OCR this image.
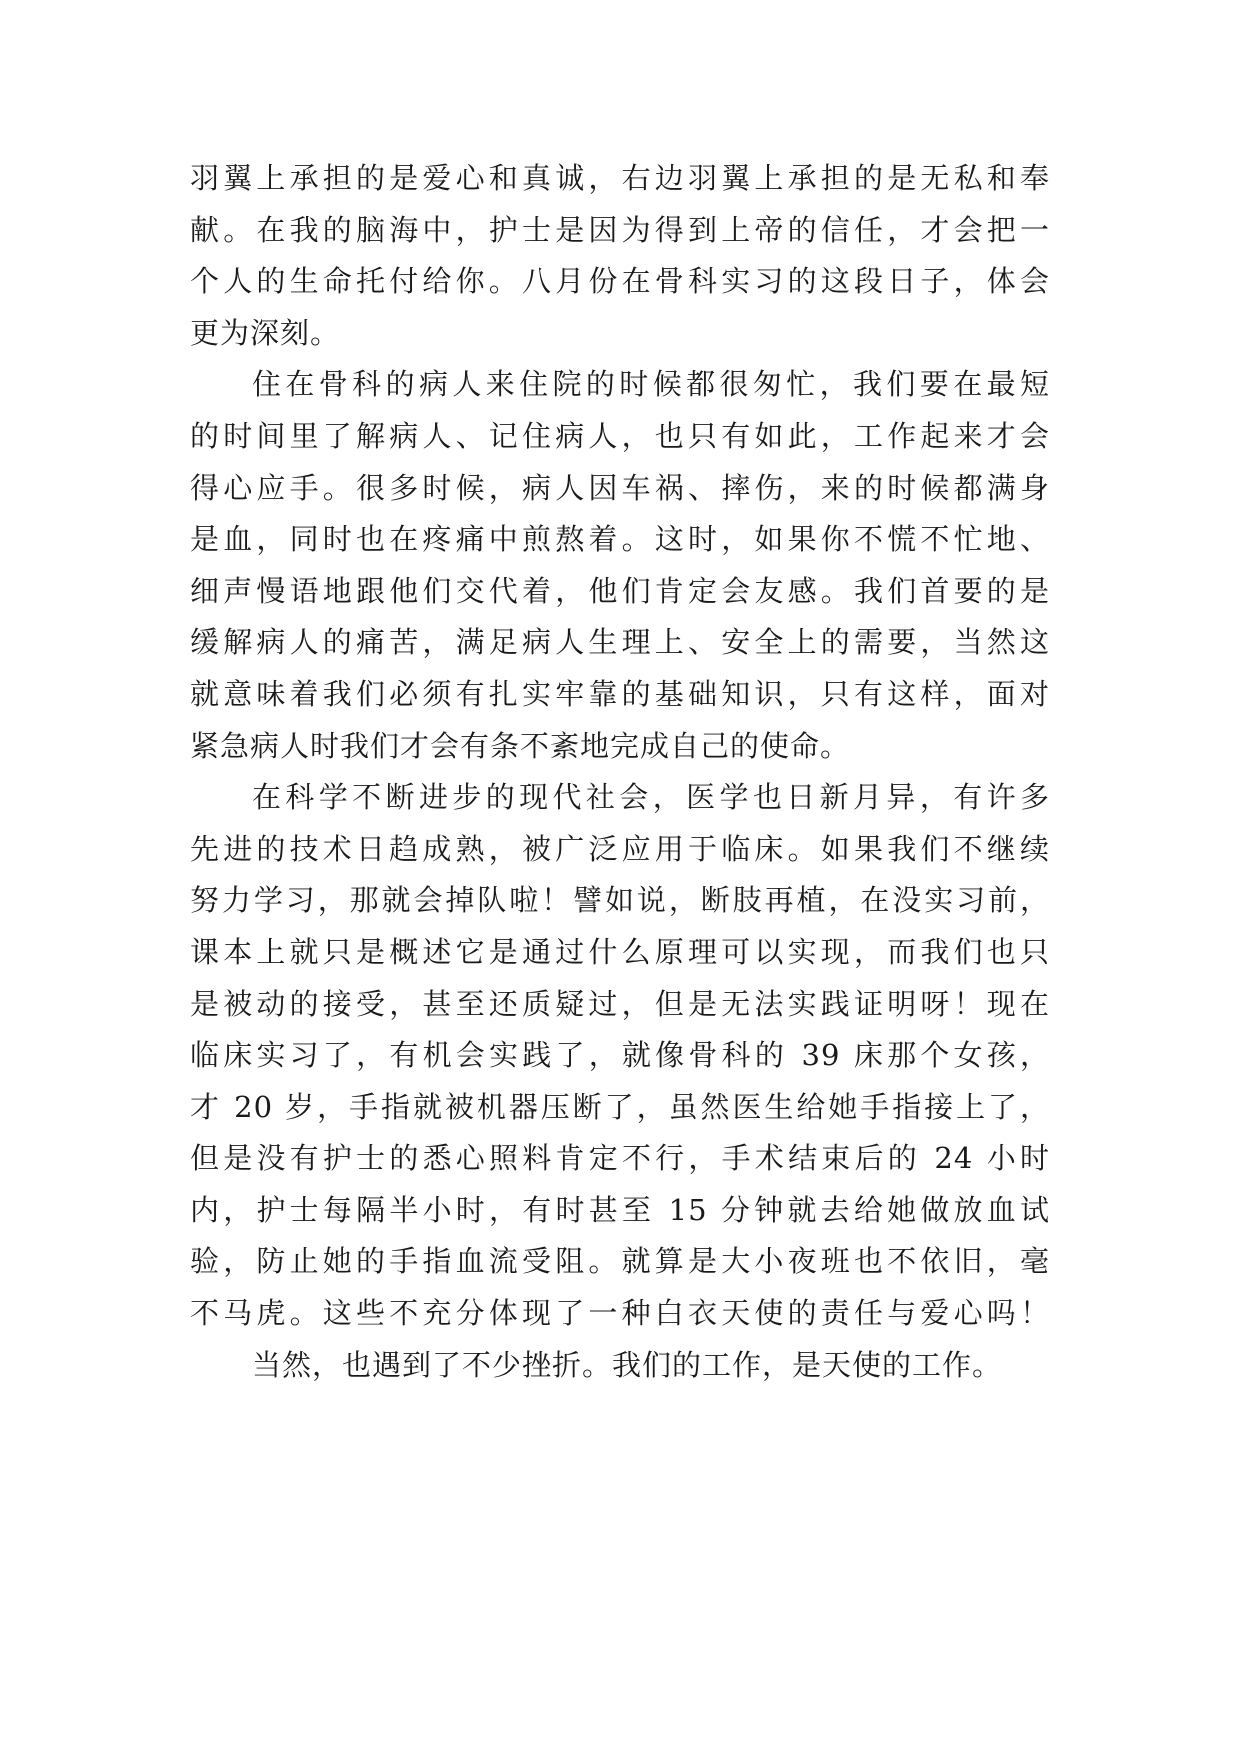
羽翼上承担的是爱心和真诚，右边羽翼上承担的是无私和奉
献。在我的脑海中，护士是因为得到上帝的信任，才会把一
个人的生命托付给你。八月份在骨科实习的这段日子，体会
更为深刻。
住在骨科的病人来住院的时候都很匆忙，我们要在最短
的时间里了解病人、记住病人，也只有如此，工作起来才会
得心应手。很多时候，病人因车祸、摔伤，来的时候都满身
是血，同时也在疼痛中煎熬着。这时，如果你不慌不忙地、
细声慢语地跟他们交代着，他们肯定会友感。我们首要的是
缓解病人的痛苦，满足病人生理上、安全上的需要，当然这
就意味着我们必须有扎实牢靠的基础知识，只有这样，面对
紧急病人时我们才会有条不紊地完成自己的使命。
在科学不断进步的现代社会，医学也日新月异，有许多
先进的技术日趋成熟，被广泛应用于临床。如果我们不继续
努力学习，那就会掉队啦！譬如说，断肢再植，在没实习前，
课本上就只是概述它是通过什么原理可以实现，而我们也只
是被动的接受，甚至还质疑过，但是无法实践证明呀！现在
临床实习了，有机会实践了，就像骨科的 39 床那个女孩，
才 20 岁，手指就被机器压断了，虽然医生给她手指接上了，
但是没有护士的悉心照料肯定不行，手术结束后的 24 小时
内，护士每隔半小时，有时甚至 15 分钟就去给她做放血试
验，防止她的手指血流受阻。就算是大小夜班也不依旧，毫
不马虎。这些不充分体现了一种白衣天使的责任与爱心吗！
当然，也遇到了不少挫折。我们的工作，是天使的工作。
